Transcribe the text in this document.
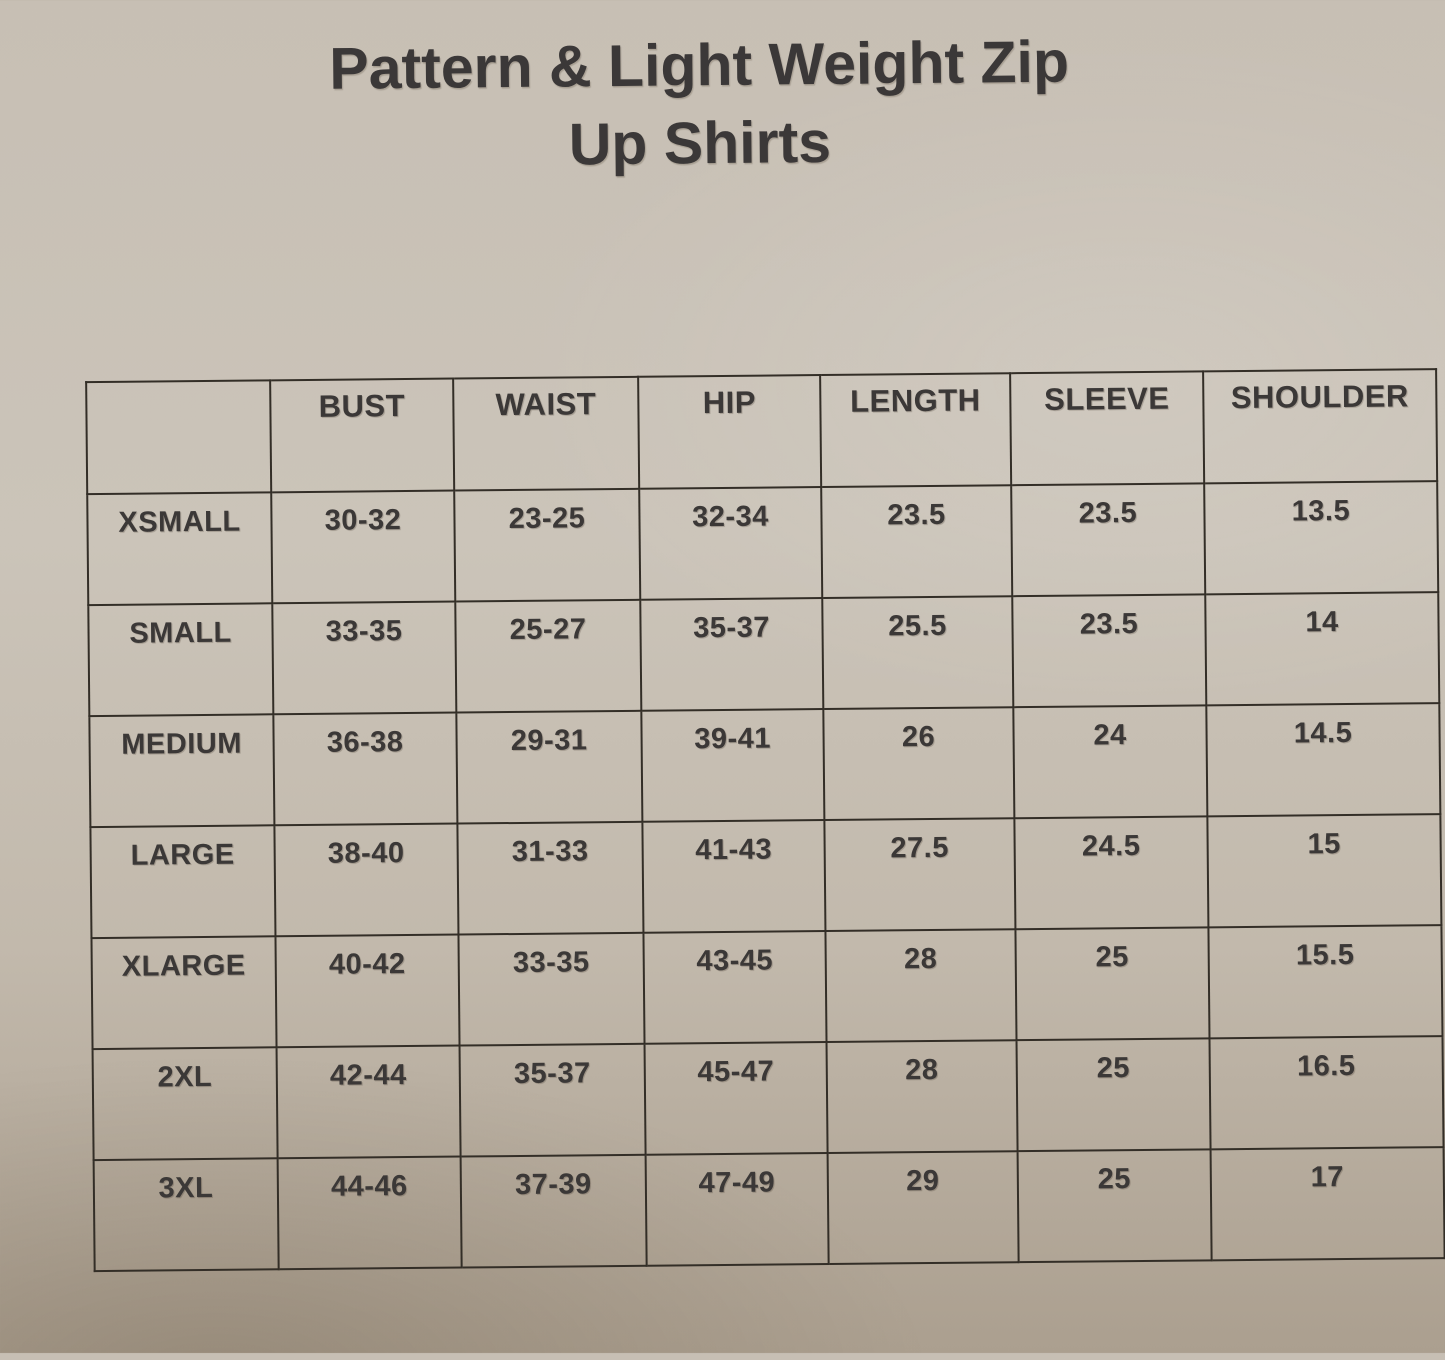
Pattern & Light Weight Zip
Up Shirts
	BUST	WAIST	HIP	LENGTH	SLEEVE	SHOULDER
XSMALL	30-32	23-25	32-34	23.5	23.5	13.5
SMALL	33-35	25-27	35-37	25.5	23.5	14
MEDIUM	36-38	29-31	39-41	26	24	14.5
LARGE	38-40	31-33	41-43	27.5	24.5	15
XLARGE	40-42	33-35	43-45	28	25	15.5
2XL	42-44	35-37	45-47	28	25	16.5
3XL	44-46	37-39	47-49	29	25	17
